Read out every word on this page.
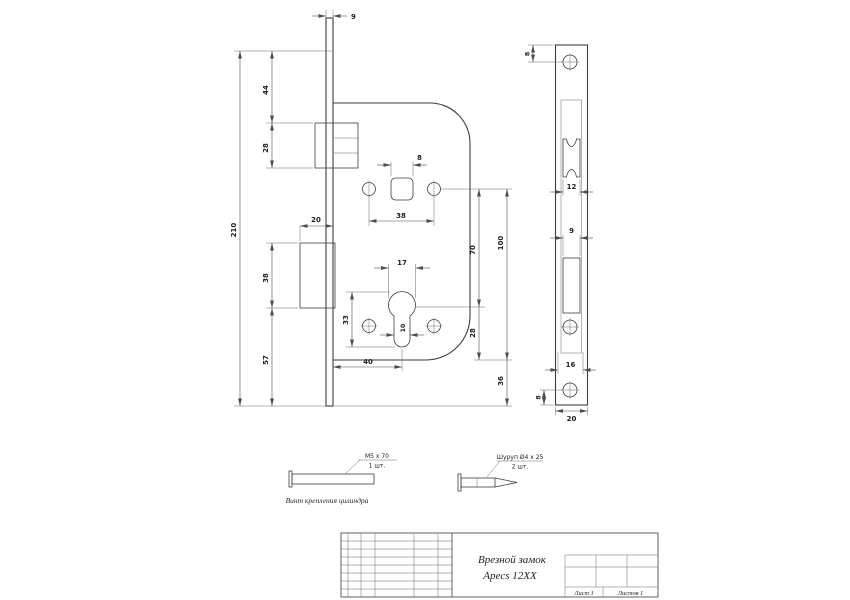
9
210
44
28
20
38
57
8
38
70
28
100
36
17
33
10
40
8
12
9
16
8
20
М5 х 70
1 шт.
Винт крепления цилиндра
Шуруп Ø4 х 25
2 шт.
Врезной замок
Apecs 12XX
Лист 1	Листов 1
